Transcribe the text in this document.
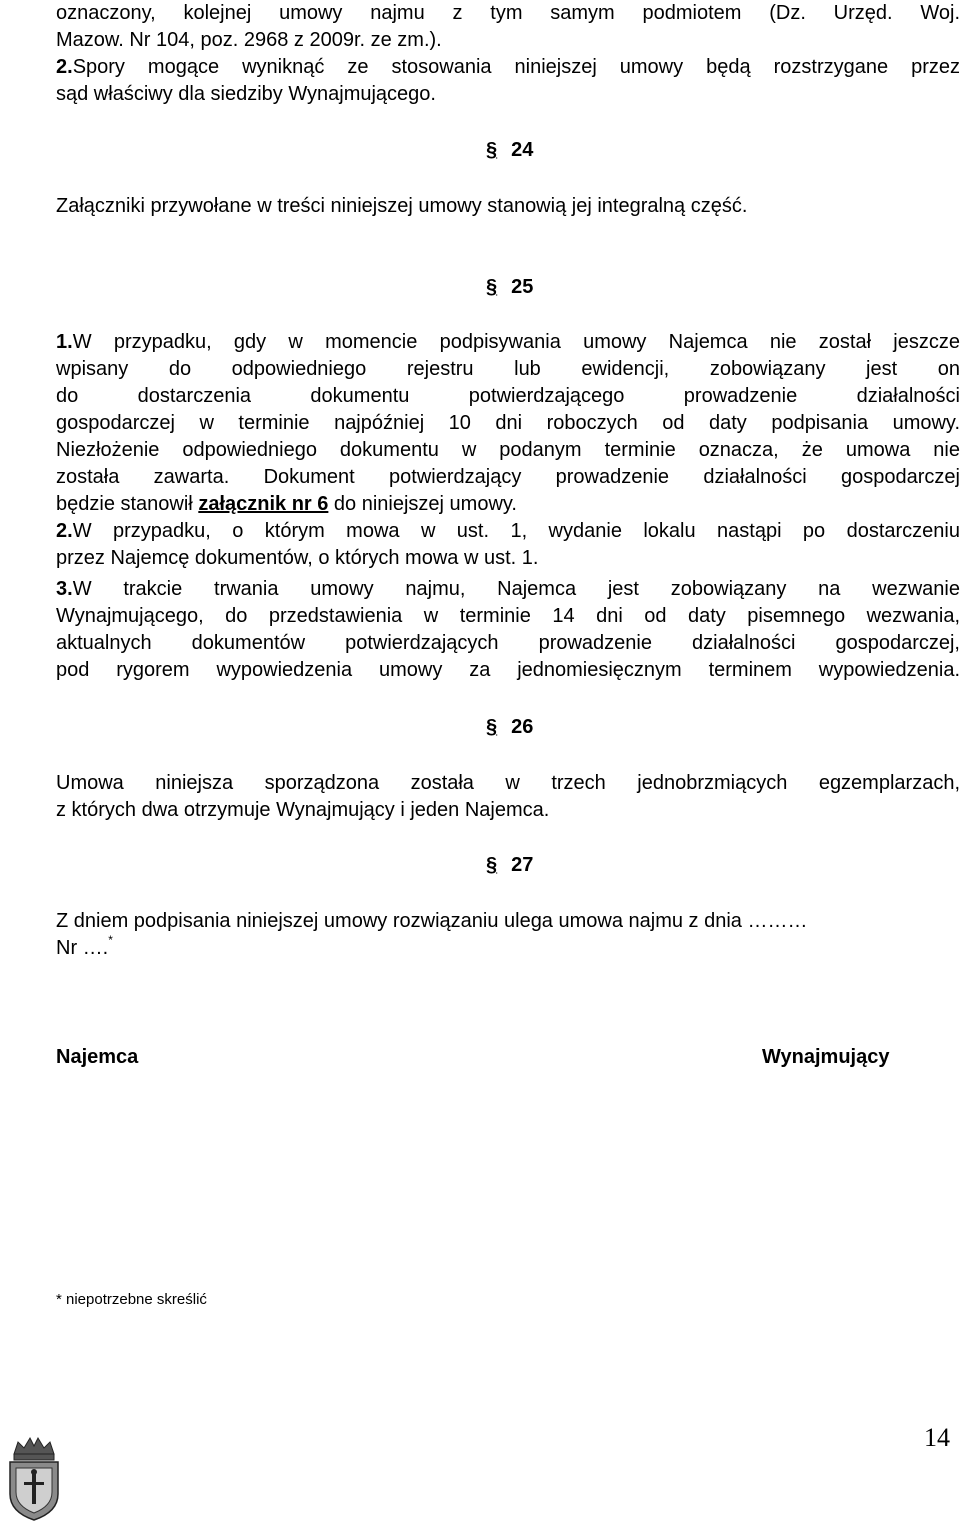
oznaczony, kolejnej umowy najmu z tym samym podmiotem (Dz. Urzęd. Woj.
Mazow. Nr 104, poz. 2968 z 2009r. ze zm.).
2.Spory mogące wyniknąć ze stosowania niniejszej umowy będą rozstrzygane przez
sąd właściwy dla siedziby Wynajmującego.
§ 24
Załączniki przywołane w treści niniejszej umowy stanowią jej integralną część.
§ 25
1.W przypadku, gdy w momencie podpisywania umowy Najemca nie został jeszcze
wpisany do odpowiedniego rejestru lub ewidencji, zobowiązany jest on
do dostarczenia dokumentu potwierdzającego prowadzenie działalności
gospodarczej w terminie najpóźniej 10 dni roboczych od daty podpisania umowy.
Niezłożenie odpowiedniego dokumentu w podanym terminie oznacza, że umowa nie
została zawarta. Dokument potwierdzający prowadzenie działalności gospodarczej
będzie stanowił załącznik nr 6 do niniejszej umowy.
2.W przypadku, o którym mowa w ust. 1, wydanie lokalu nastąpi po dostarczeniu
przez Najemcę dokumentów, o których mowa w ust. 1.
3.W trakcie trwania umowy najmu, Najemca jest zobowiązany na wezwanie
Wynajmującego, do przedstawienia w terminie 14 dni od daty pisemnego wezwania,
aktualnych dokumentów potwierdzających prowadzenie działalności gospodarczej,
pod rygorem wypowiedzenia umowy za jednomiesięcznym terminem wypowiedzenia.
§ 26
Umowa niniejsza sporządzona została w trzech jednobrzmiących egzemplarzach,
z których dwa otrzymuje Wynajmujący i jeden Najemca.
§ 27
Z dniem podpisania niniejszej umowy rozwiązaniu ulega umowa najmu z dnia ………
Nr ….*
Najemca	Wynajmujący
* niepotrzebne skreślić
14
